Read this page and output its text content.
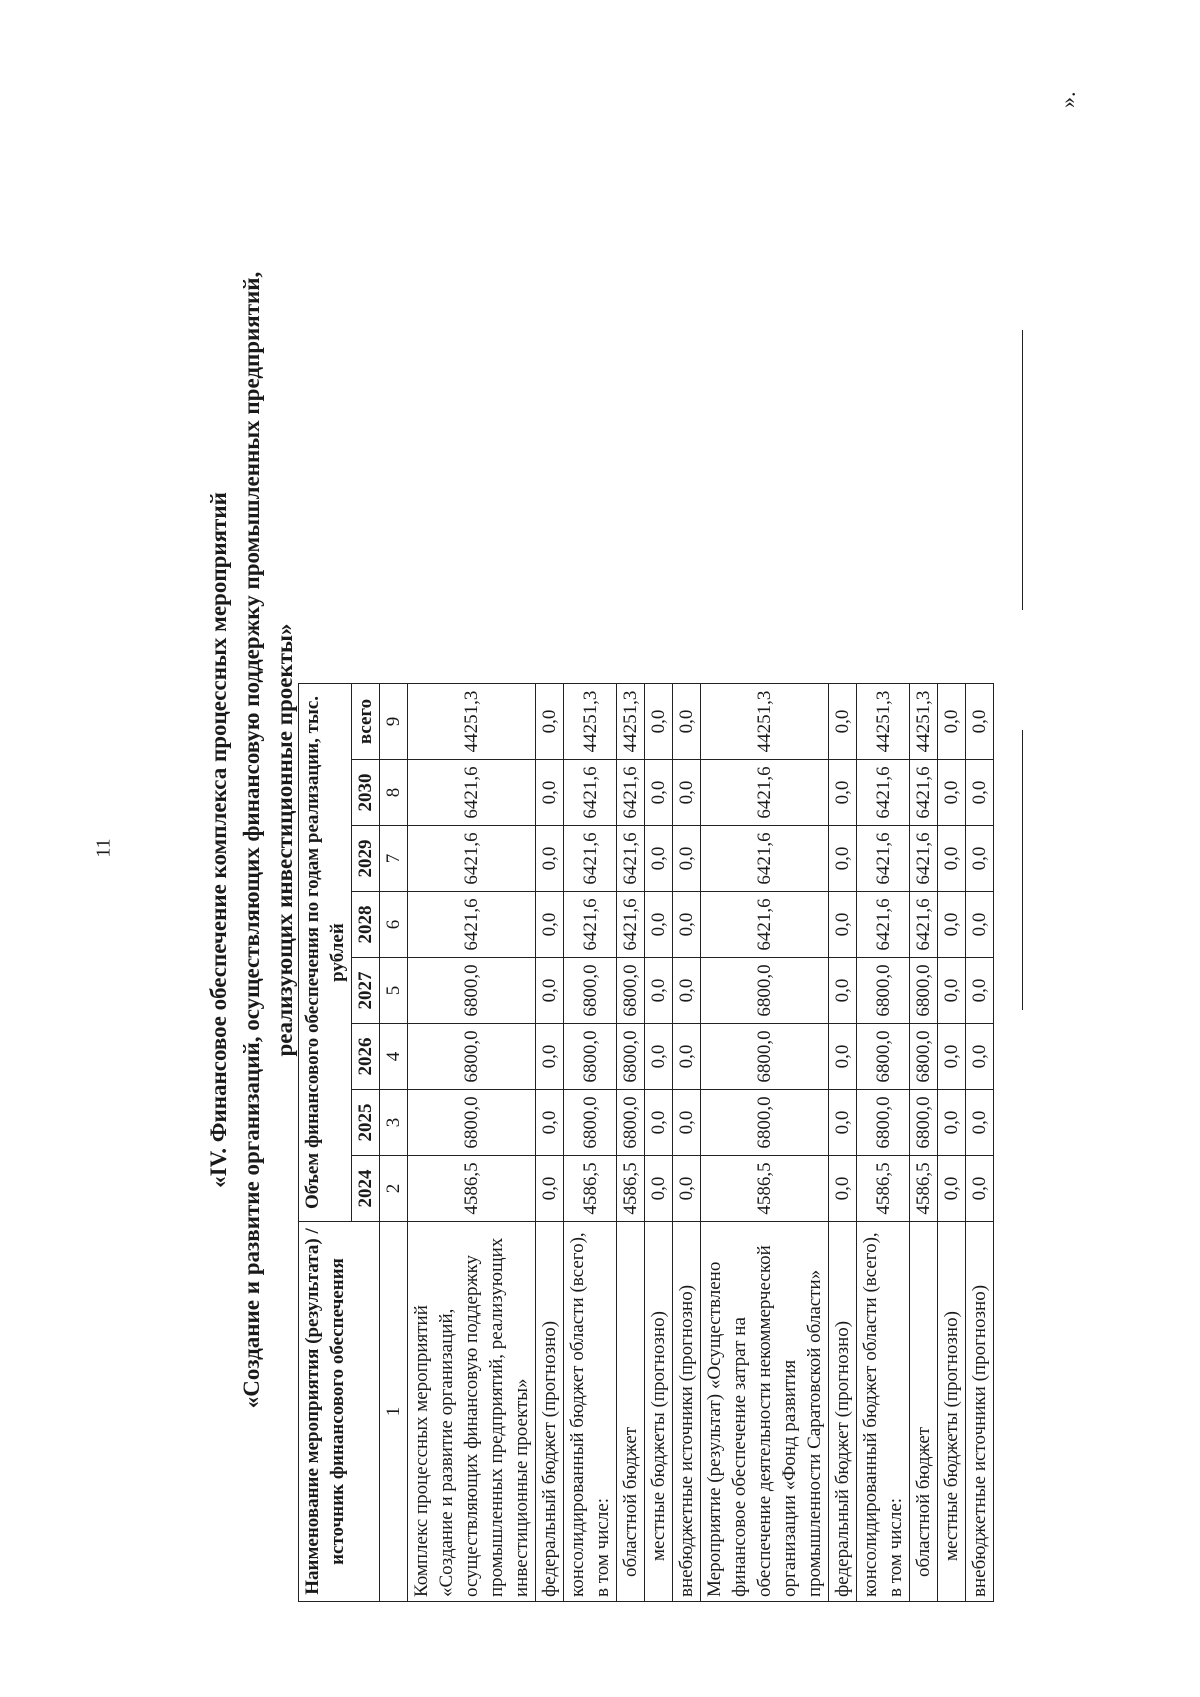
11	«IV. Финансовое обеспечение комплекса процессных мероприятий «Создание и развитие организаций, осуществляющих финансовую поддержку промышленных предприятий, реализующих инвестиционные проекты»
Наименование мероприятия (результата) / источник финансового обеспечения	Объем финансового обеспечения по годам реализации, тыс. рублей							
	2024	2025	2026	2027	2028	2029	2030	всего
1	2	3	4	5	6	7	8	9
Комплекс процессных мероприятий «Создание и развитие организаций, осуществляющих финансовую поддержку промышленных предприятий, реализующих инвестиционные проекты»	4586,5	6800,0	6800,0	6800,0	6421,6	6421,6	6421,6	44251,3
федеральный бюджет (прогнозно)	0,0	0,0	0,0	0,0	0,0	0,0	0,0	0,0
консолидированный бюджет области (всего), в том числе:	4586,5	6800,0	6800,0	6800,0	6421,6	6421,6	6421,6	44251,3
областной бюджет	4586,5	6800,0	6800,0	6800,0	6421,6	6421,6	6421,6	44251,3
местные бюджеты (прогнозно)	0,0	0,0	0,0	0,0	0,0	0,0	0,0	0,0
внебюджетные источники (прогнозно)	0,0	0,0	0,0	0,0	0,0	0,0	0,0	0,0
Мероприятие (результат) «Осуществлено финансовое обеспечение затрат на обеспечение деятельности некоммерческой организации «Фонд развития промышленности Саратовской области»	4586,5	6800,0	6800,0	6800,0	6421,6	6421,6	6421,6	44251,3
федеральный бюджет (прогнозно)	0,0	0,0	0,0	0,0	0,0	0,0	0,0	0,0
консолидированный бюджет области (всего), в том числе:	4586,5	6800,0	6800,0	6800,0	6421,6	6421,6	6421,6	44251,3
областной бюджет	4586,5	6800,0	6800,0	6800,0	6421,6	6421,6	6421,6	44251,3
местные бюджеты (прогнозно)	0,0	0,0	0,0	0,0	0,0	0,0	0,0	0,0
внебюджетные источники (прогнозно)	0,0	0,0	0,0	0,0	0,0	0,0	0,0	0,0
».
